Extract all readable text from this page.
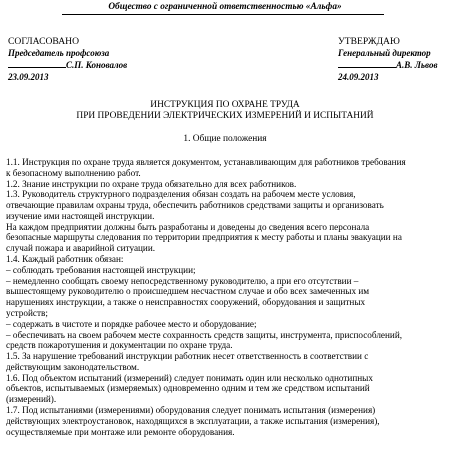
Общество с ограниченной ответственностью «Альфа»
СОГЛАСОВАНО
Председатель профсоюза
С.П. Коновалов
23.09.2013
УТВЕРЖДАЮ
Генеральный директор
А.В. Львов
24.09.2013
ИНСТРУКЦИЯ ПО ОХРАНЕ ТРУДА
ПРИ ПРОВЕДЕНИИ ЭЛЕКТРИЧЕСКИХ ИЗМЕРЕНИЙ И ИСПЫТАНИЙ
1. Общие положения

1.1. Инструкция по охране труда является документом, устанавливающим для работников требования

к безопасному выполнению работ.

1.2. Знание инструкции по охране труда обязательно для всех работников.

1.3. Руководитель структурного подразделения обязан создать на рабочем месте условия,

отвечающие правилам охраны труда, обеспечить работников средствами защиты и организовать

изучение ими настоящей инструкции.

На каждом предприятии должны быть разработаны и доведены до сведения всего персонала

безопасные маршруты следования по территории предприятия к месту работы и планы эвакуации на

случай пожара и аварийной ситуации.

1.4. Каждый работник обязан:

– соблюдать требования настоящей инструкции;

– немедленно сообщать своему непосредственному руководителю, а при его отсутствии –

вышестоящему руководителю о происшедшем несчастном случае и обо всех замеченных им

нарушениях инструкции, а также о неисправностях сооружений, оборудования и защитных

устройств;

– содержать в чистоте и порядке рабочее место и оборудование;

– обеспечивать на своем рабочем месте сохранность средств защиты, инструмента, приспособлений,

средств пожаротушения и документации по охране труда.

1.5. За нарушение требований инструкции работник несет ответственность в соответствии с

действующим законодательством.

1.6. Под объектом испытаний (измерений) следует понимать один или несколько однотипных

объектов, испытываемых (измеряемых) одновременно одним и тем же средством испытаний

(измерений).

1.7. Под испытаниями (измерениями) оборудования следует понимать испытания (измерения)

действующих электроустановок, находящихся в эксплуатации, а также испытания (измерения),

осуществляемые при монтаже или ремонте оборудования.
